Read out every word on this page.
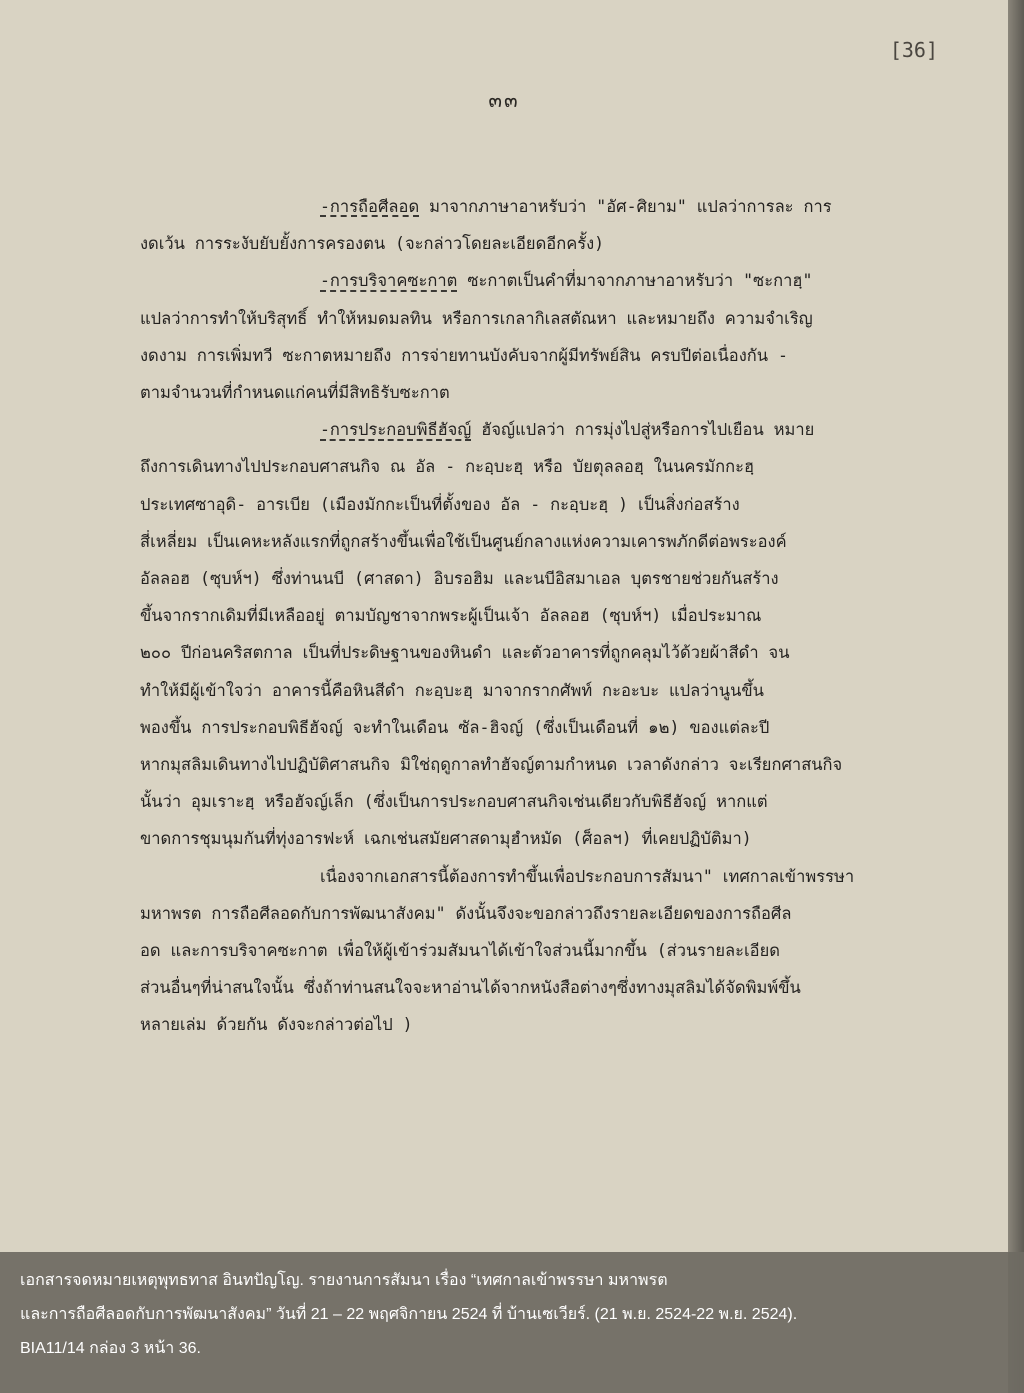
[36]
๓๓
-การถือศีลอด มาจากภาษาอาหรับว่า "อัศ-ศิยาม" แปลว่าการละ การ
งดเว้น การระงับยับยั้งการครองตน (จะกล่าวโดยละเอียดอีกครั้ง)
-การบริจาคซะกาต ซะกาตเป็นคำที่มาจากภาษาอาหรับว่า "ซะกาฮฺ"
แปลว่าการทำให้บริสุทธิ์ ทำให้หมดมลทิน หรือการเกลากิเลสตัณหา และหมายถึง ความจำเริญ
งดงาม การเพิ่มทวี ซะกาตหมายถึง การจ่ายทานบังคับจากผู้มีทรัพย์สิน ครบปีต่อเนื่องกัน -
ตามจำนวนที่กำหนดแก่คนที่มีสิทธิรับซะกาต
-การประกอบพิธีฮัจญ์ ฮัจญ์แปลว่า การมุ่งไปสู่หรือการไปเยือน หมาย
ถึงการเดินทางไปประกอบศาสนกิจ ณ อัล - กะอฺบะฮฺ หรือ บัยตุลลอฮฺ ในนครมักกะฮฺ
ประเทศซาอุดิ- อารเบีย (เมืองมักกะเป็นที่ตั้งของ อัล - กะอฺบะฮฺ ) เป็นสิ่งก่อสร้าง
สี่เหลี่ยม เป็นเคหะหลังแรกที่ถูกสร้างขึ้นเพื่อใช้เป็นศูนย์กลางแห่งความเคารพภักดีต่อพระองค์
อัลลอฮ (ซุบห์ฯ) ซึ่งท่านนบี (ศาสดา) อิบรอฮิม และนบีอิสมาเอล บุตรชายช่วยกันสร้าง
ขึ้นจากรากเดิมที่มีเหลืออยู่ ตามบัญชาจากพระผู้เป็นเจ้า อัลลอฮ (ซุบห์ฯ) เมื่อประมาณ
๒๐๐ ปีก่อนคริสตกาล เป็นที่ประดิษฐานของหินดำ และตัวอาคารที่ถูกคลุมไว้ด้วยผ้าสีดำ จน
ทำให้มีผู้เข้าใจว่า อาคารนี้คือหินสีดำ กะอฺบะฮฺ มาจากรากศัพท์ กะอะบะ แปลว่านูนขึ้น
พองขึ้น การประกอบพิธีฮัจญ์ จะทำในเดือน ซัล-ฮิจญ์ (ซึ่งเป็นเดือนที่ ๑๒) ของแต่ละปี
หากมุสลิมเดินทางไปปฏิบัติศาสนกิจ มิใช่ฤดูกาลทำฮัจญ์ตามกำหนด เวลาดังกล่าว จะเรียกศาสนกิจ
นั้นว่า อุมเราะฮฺ หรือฮัจญ์เล็ก (ซึ่งเป็นการประกอบศาสนกิจเช่นเดียวกับพิธีฮัจญ์ หากแต่
ขาดการชุมนุมกันที่ทุ่งอารฟะห์ เฉกเช่นสมัยศาสดามุฮำหมัด (ศ็อลฯ) ที่เคยปฏิบัติมา)
เนื่องจากเอกสารนี้ต้องการทำขึ้นเพื่อประกอบการสัมนา" เทศกาลเข้าพรรษา
มหาพรต การถือศีลอดกับการพัฒนาสังคม" ดังนั้นจึงจะขอกล่าวถึงรายละเอียดของการถือศีล
อด และการบริจาคซะกาต เพื่อให้ผู้เข้าร่วมสัมนาได้เข้าใจส่วนนี้มากขึ้น (ส่วนรายละเอียด
ส่วนอื่นๆที่น่าสนใจนั้น ซึ่งถ้าท่านสนใจจะหาอ่านได้จากหนังสือต่างๆซึ่งทางมุสลิมได้จัดพิมพ์ขึ้น
หลายเล่ม ด้วยกัน ดังจะกล่าวต่อไป )
เอกสารจดหมายเหตุพุทธทาส อินทปัญโญ. รายงานการสัมนา เรื่อง “เทศกาลเข้าพรรษา มหาพรต
และการถือศีลอดกับการพัฒนาสังคม” วันที่ 21 – 22 พฤศจิกายน 2524 ที่ บ้านเซเวียร์. (21 พ.ย. 2524-22 พ.ย. 2524).
BIA11/14 กล่อง 3 หน้า 36.
